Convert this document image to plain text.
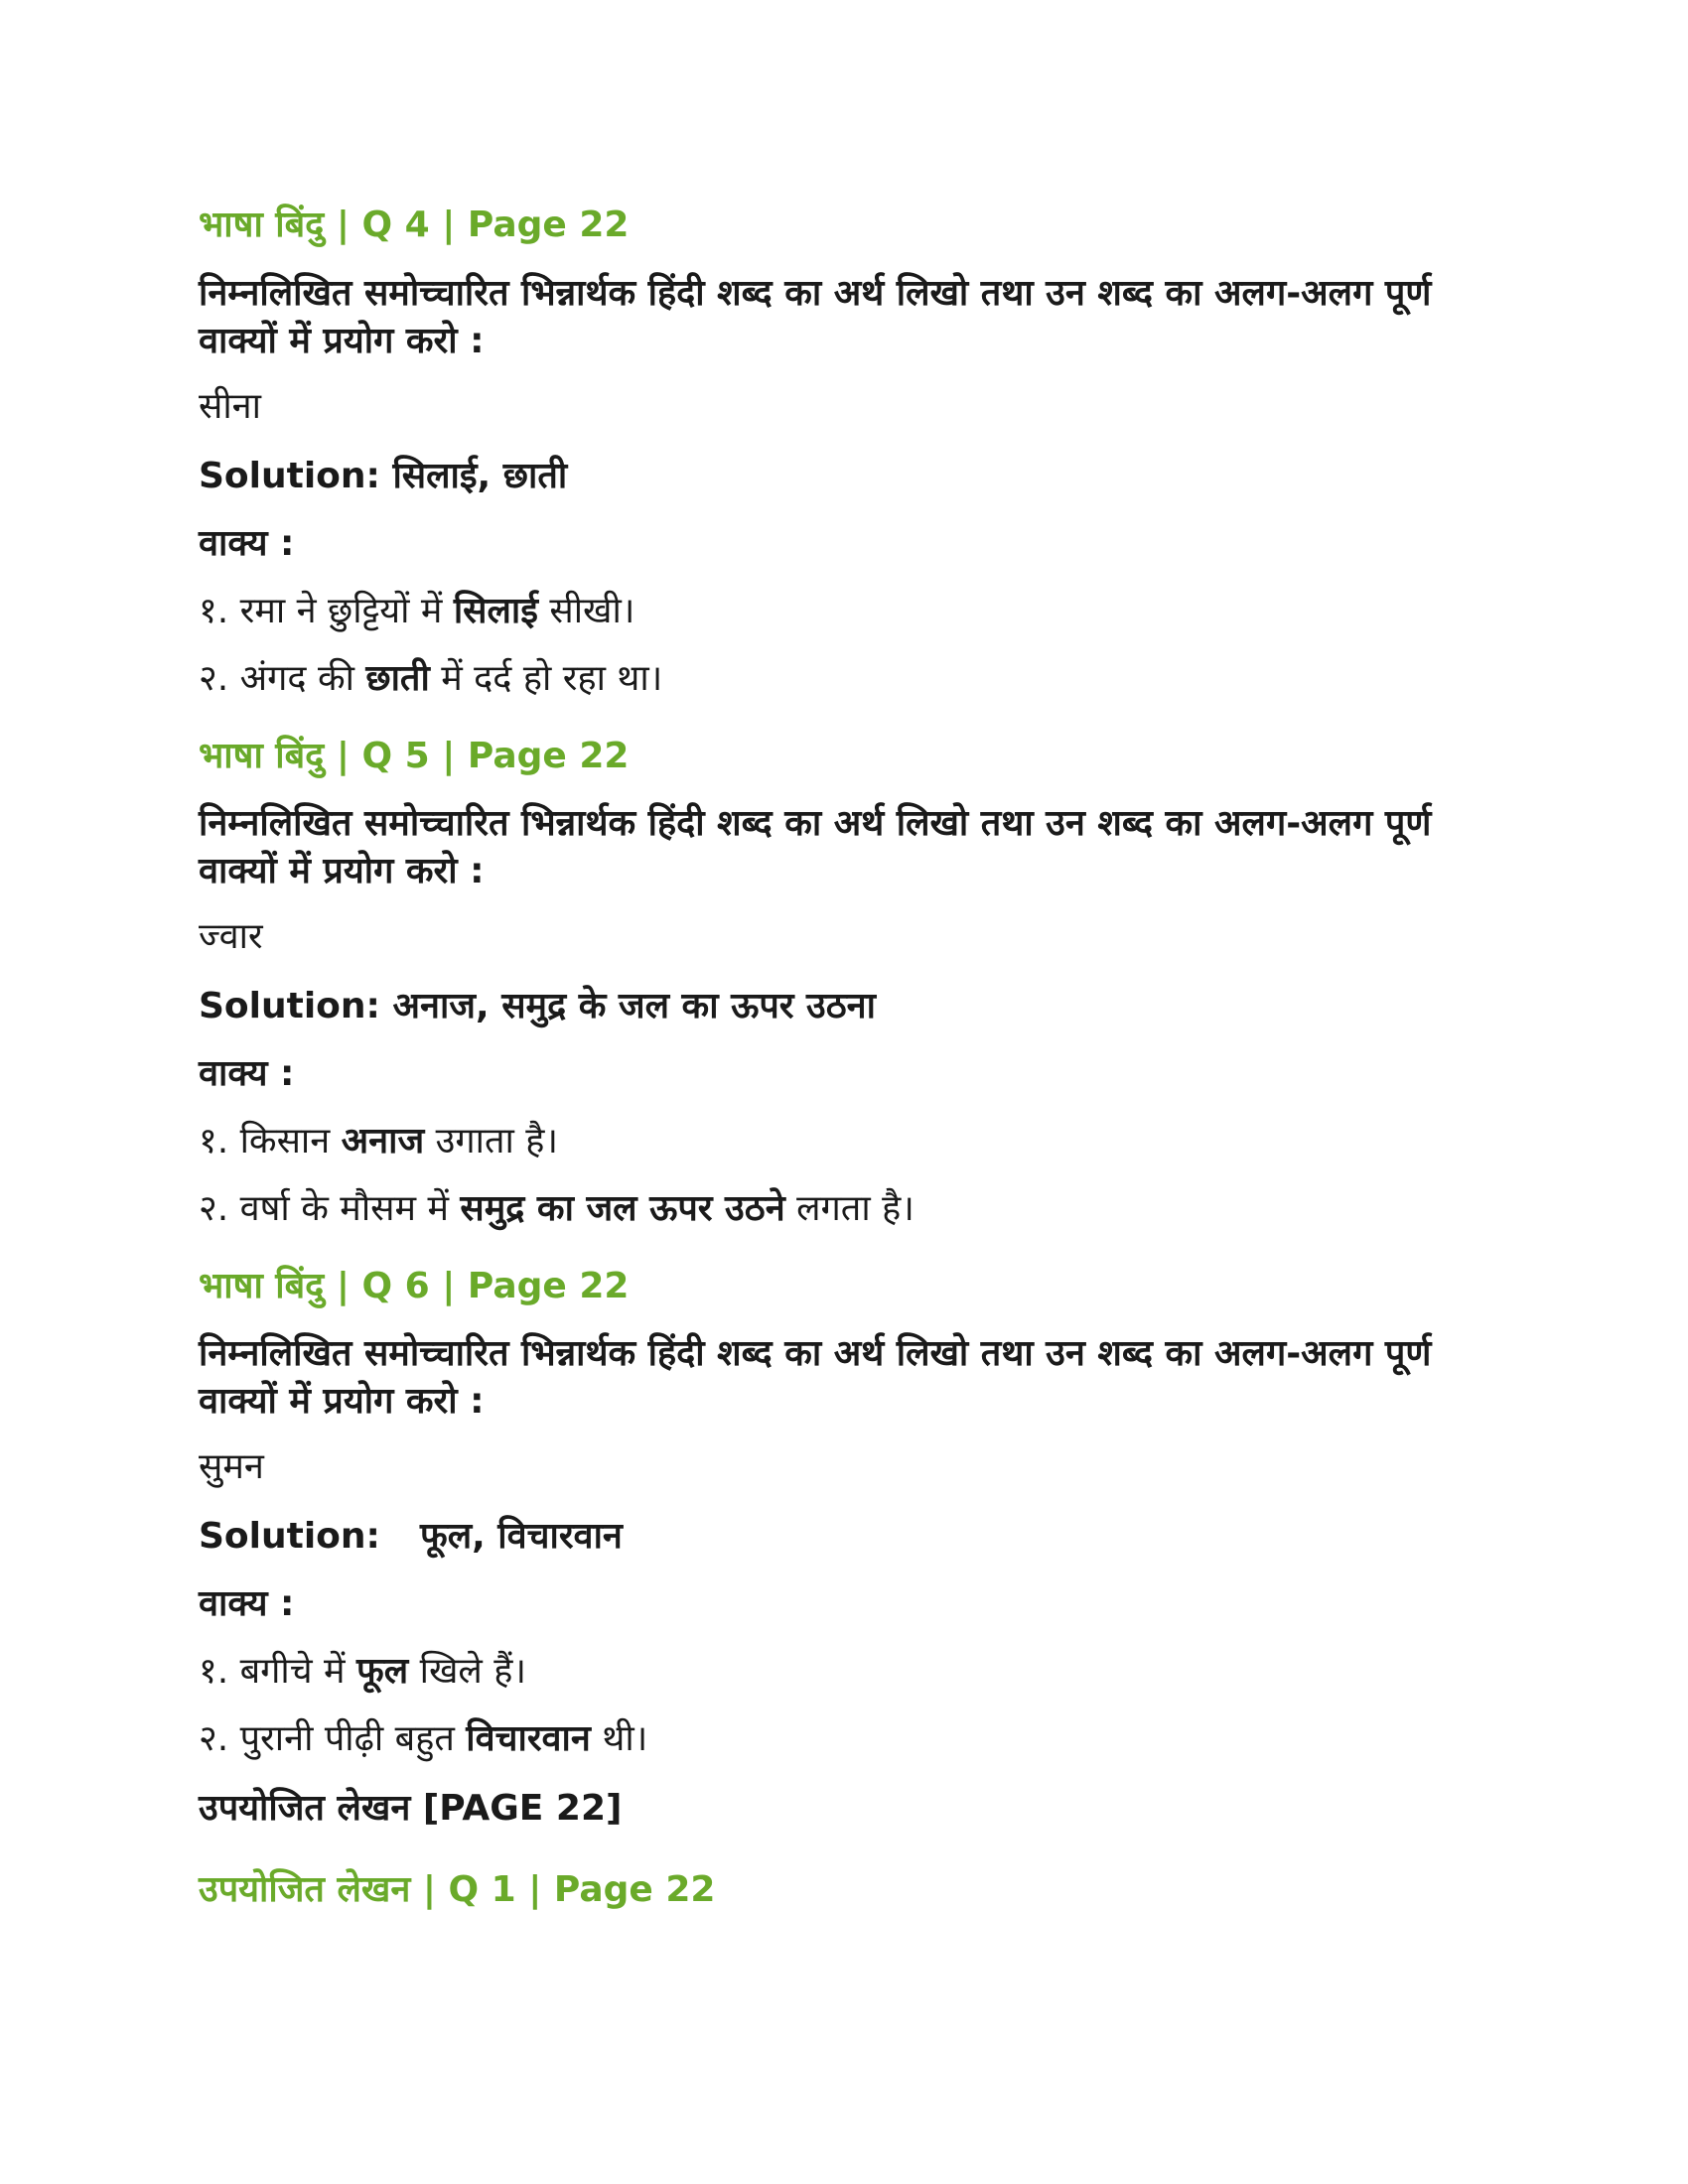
भाषा बिंदु | Q 4 | Page 22
निम्नलिखित समोच्चारित भिन्नार्थक हिंदी शब्द का अर्थ लिखो तथा उन शब्द का अलग-अलग पूर्ण वाक्यों में प्रयोग करो :
सीना
Solution: सिलाई, छाती
वाक्य :
१. रमा ने छुट्टियों में सिलाई सीखी।
२. अंगद की छाती में दर्द हो रहा था।
भाषा बिंदु | Q 5 | Page 22
निम्नलिखित समोच्चारित भिन्नार्थक हिंदी शब्द का अर्थ लिखो तथा उन शब्द का अलग-अलग पूर्ण वाक्यों में प्रयोग करो :
ज्वार
Solution: अनाज, समुद्र के जल का ऊपर उठना
वाक्य :
१. किसान अनाज उगाता है।
२. वर्षा के मौसम में समुद्र का जल ऊपर उठने लगता है।
भाषा बिंदु | Q 6 | Page 22
निम्नलिखित समोच्चारित भिन्नार्थक हिंदी शब्द का अर्थ लिखो तथा उन शब्द का अलग-अलग पूर्ण वाक्यों में प्रयोग करो :
सुमन
Solution: फूल, विचारवान
वाक्य :
१. बगीचे में फूल खिले हैं।
२. पुरानी पीढ़ी बहुत विचारवान थी।
उपयोजित लेखन [PAGE 22]
उपयोजित लेखन | Q 1 | Page 22
